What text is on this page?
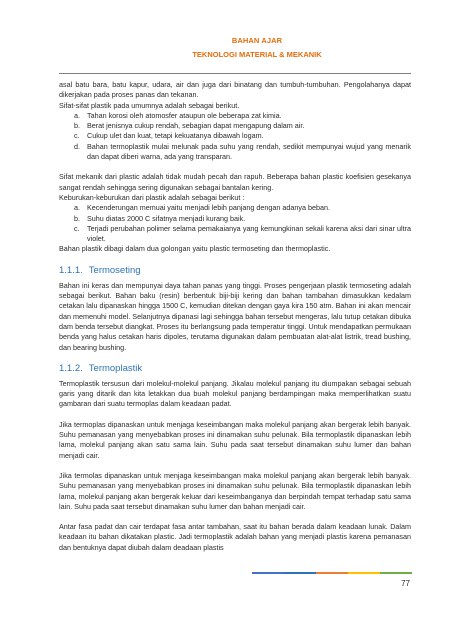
BAHAN AJAR
TEKNOLOGI MATERIAL & MEKANIK

asal batu bara, batu kapur, udara, air dan juga dari binatang dan tumbuh-tumbuhan. Pengolahanya dapat dikerjakan pada proses panas dan tekanan.

Sifat-sifat plastik pada umumnya adalah sebagai berikut.

a. Tahan korosi oleh atomosfer ataupun ole beberapa zat kimia.
b. Berat jenisnya cukup rendah, sebagian dapat mengapung dalam air.
c. Cukup ulet dan kuat, tetapi kekuatanya dibawah logam.
d. Bahan termoplastik mulai melunak pada suhu yang rendah, sedikit mempunyai wujud yang menarik dan dapat diberi warna, ada yang transparan.

Sifat mekanik dari plastic adalah tidak mudah pecah dan rapuh. Beberapa bahan plastic koefisien gesekanya sangat rendah sehingga sering digunakan sebagai bantalan kering.

Keburukan-keburukan dari plastik adalah sebagai berikut :

a. Kecenderungan memuai yaitu menjadi lebih panjang dengan adanya beban.
b. Suhu diatas 2000 C sifatnya menjadi kurang baik.
c. Terjadi perubahan polimer selama pemakaianya yang kemungkinan sekali karena aksi dari sinar ultra violet.

Bahan plastik dibagi dalam dua golongan yaitu plastic termoseting dan thermoplastic.

1.1.1. Termoseting

Bahan ini keras dan mempunyai daya tahan panas yang tinggi. Proses pengerjaan plastik termoseting adalah sebagai berikut. Bahan baku (resin) berbentuk biji-biji kering dan bahan tambahan dimasukkan kedalam cetakan lalu dipanaskan hingga 1500 C, kemudian ditekan dengan gaya kira 150 atm. Bahan ini akan mencair dan memenuhi model. Selanjutnya dipanasi lagi sehingga bahan tersebut mengeras, lalu tutup cetakan dibuka dam benda tersebut diangkat. Proses itu berlangsung pada temperatur tinggi. Untuk mendapatkan permukaan benda yang halus cetakan haris dipoles, terutama digunakan dalam pembuatan alat-alat listrik, tread bushing, dan bearing bushing.

1.1.2. Termoplastik

Termoplastik tersusun dari molekul-molekul panjang. Jikalau molekul panjang itu diumpakan sebagai sebuah garis yang ditarik dan kita letakkan dua buah molekul panjang berdampingan maka memperlihatkan suatu gambaran dari suatu termoplas dalam keadaan padat.

Jika termoplas dipanaskan untuk menjaga keseimbangan maka molekul panjang akan bergerak lebih banyak. Suhu pemanasan yang menyebabkan proses ini dinamakan suhu pelunak. Bila termoplastik dipanaskan lebih lama, molekul panjang akan satu sama lain. Suhu pada saat tersebut dinamakan suhu lumer dan bahan menjadi cair.

Jika termolas dipanaskan untuk menjaga keseimbangan maka molekul panjang akan bergerak lebih banyak. Suhu pemanasan yang menyebabkan proses ini dinamakan suhu pelunak. Bila termoplastik dipanaskan lebih lama, molekul panjang akan bergerak keluar dari keseimbanganya dan berpindah tempat terhadap satu sama lain. Suhu pada saat tersebut dinamakan suhu lumer dan bahan menjadi cair.

Antar fasa padat dan cair terdapat fasa antar tambahan, saat itu bahan berada dalam keadaan lunak. Dalam keadaan itu bahan dikatakan plastic. Jadi termoplastik adalah bahan yang menjadi plastis karena pemanasan dan bentuknya dapat diubah dalam deadaan plastis

77
